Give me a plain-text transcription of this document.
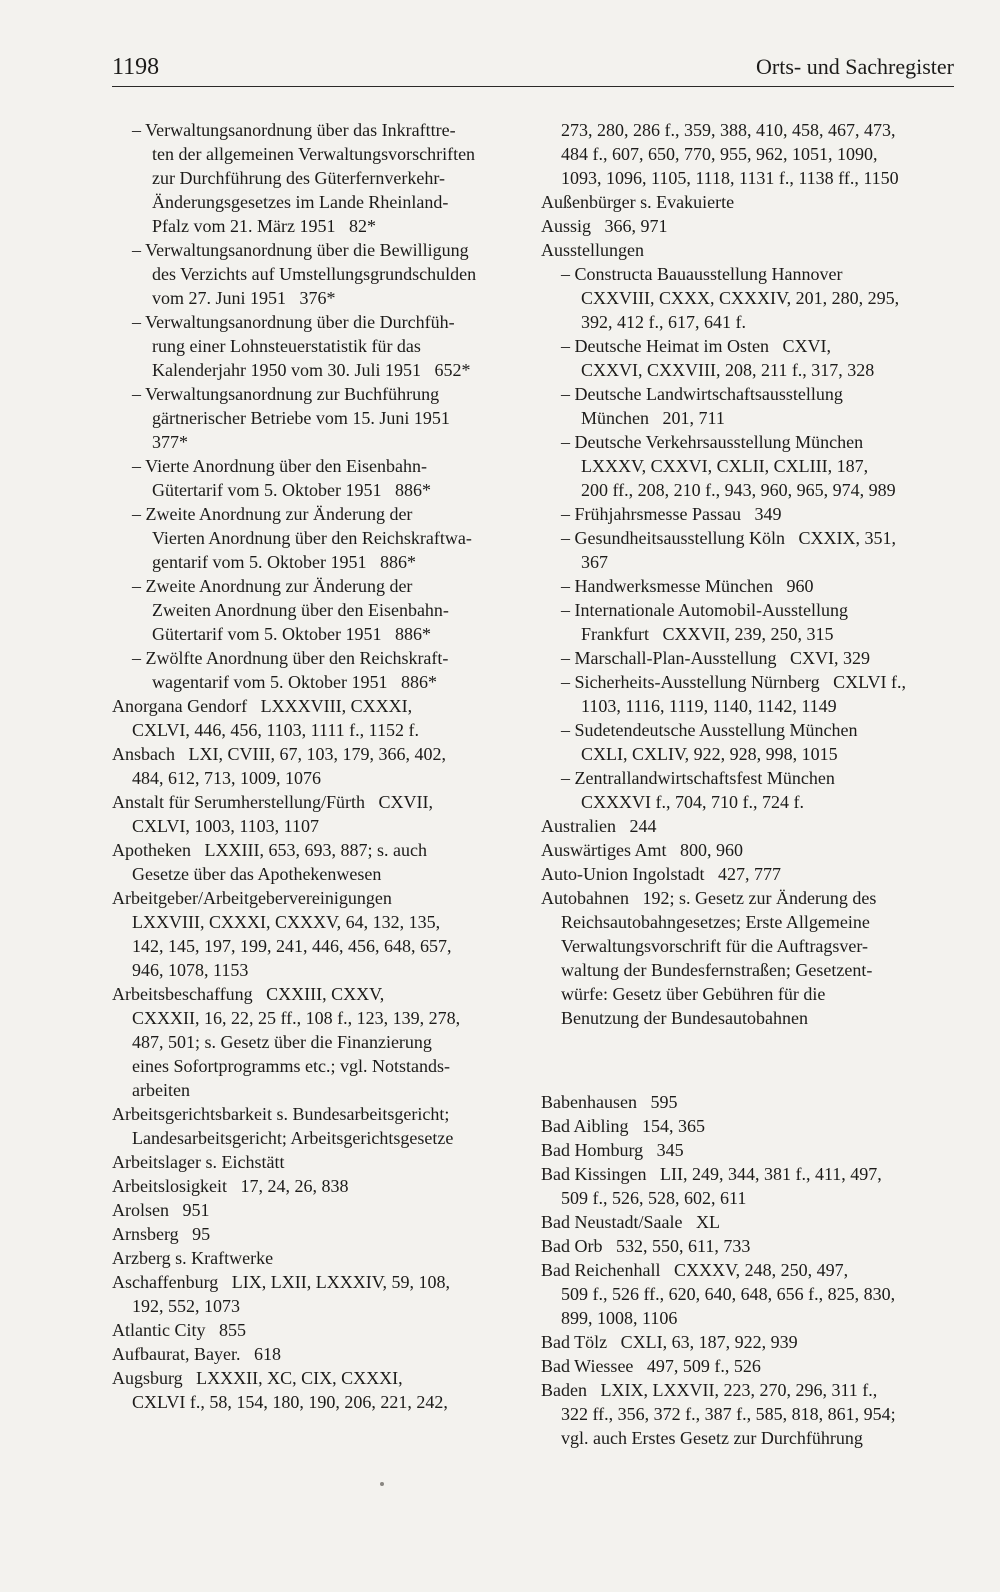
1198	Orts- und Sachregister

– Verwaltungsanordnung über das Inkrafttre-
ten der allgemeinen Verwaltungsvorschriften
zur Durchführung des Güterfernverkehr-
Änderungsgesetzes im Lande Rheinland-
Pfalz vom 21. März 1951   82*

– Verwaltungsanordnung über die Bewilligung
des Verzichts auf Umstellungsgrundschulden
vom 27. Juni 1951   376*

– Verwaltungsanordnung über die Durchfüh-
rung einer Lohnsteuerstatistik für das
Kalenderjahr 1950 vom 30. Juli 1951   652*

– Verwaltungsanordnung zur Buchführung
gärtnerischer Betriebe vom 15. Juni 1951
377*

– Vierte Anordnung über den Eisenbahn-
Gütertarif vom 5. Oktober 1951   886*

– Zweite Anordnung zur Änderung der
Vierten Anordnung über den Reichskraftwa-
gentarif vom 5. Oktober 1951   886*

– Zweite Anordnung zur Änderung der
Zweiten Anordnung über den Eisenbahn-
Gütertarif vom 5. Oktober 1951   886*

– Zwölfte Anordnung über den Reichskraft-
wagentarif vom 5. Oktober 1951   886*

Anorgana Gendorf   LXXXVIII, CXXXI,
CXLVI, 446, 456, 1103, 1111 f., 1152 f.

Ansbach   LXI, CVIII, 67, 103, 179, 366, 402,
484, 612, 713, 1009, 1076

Anstalt für Serumherstellung/Fürth   CXVII,
CXLVI, 1003, 1103, 1107

Apotheken   LXXIII, 653, 693, 887; s. auch
Gesetze über das Apothekenwesen

Arbeitgeber/Arbeitgebervereinigungen
LXXVIII, CXXXI, CXXXV, 64, 132, 135,
142, 145, 197, 199, 241, 446, 456, 648, 657,
946, 1078, 1153

Arbeitsbeschaffung   CXXIII, CXXV,
CXXXII, 16, 22, 25 ff., 108 f., 123, 139, 278,
487, 501; s. Gesetz über die Finanzierung
eines Sofortprogramms etc.; vgl. Notstands-
arbeiten

Arbeitsgerichtsbarkeit s. Bundesarbeitsgericht;
Landesarbeitsgericht; Arbeitsgerichtsgesetze

Arbeitslager s. Eichstätt

Arbeitslosigkeit   17, 24, 26, 838

Arolsen   951

Arnsberg   95

Arzberg s. Kraftwerke

Aschaffenburg   LIX, LXII, LXXXIV, 59, 108,
192, 552, 1073

Atlantic City   855

Aufbaurat, Bayer.   618

Augsburg   LXXXII, XC, CIX, CXXXI,
CXLVI f., 58, 154, 180, 190, 206, 221, 242,

273, 280, 286 f., 359, 388, 410, 458, 467, 473,
484 f., 607, 650, 770, 955, 962, 1051, 1090,
1093, 1096, 1105, 1118, 1131 f., 1138 ff., 1150

Außenbürger s. Evakuierte

Aussig   366, 971

Ausstellungen

– Constructa Bauausstellung Hannover
CXXVIII, CXXX, CXXXIV, 201, 280, 295,
392, 412 f., 617, 641 f.

– Deutsche Heimat im Osten   CXVI,
CXXVI, CXXVIII, 208, 211 f., 317, 328

– Deutsche Landwirtschaftsausstellung
München   201, 711

– Deutsche Verkehrsausstellung München
LXXXV, CXXVI, CXLII, CXLIII, 187,
200 ff., 208, 210 f., 943, 960, 965, 974, 989

– Frühjahrsmesse Passau   349

– Gesundheitsausstellung Köln   CXXIX, 351,
367

– Handwerksmesse München   960

– Internationale Automobil-Ausstellung
Frankfurt   CXXVII, 239, 250, 315

– Marschall-Plan-Ausstellung   CXVI, 329

– Sicherheits-Ausstellung Nürnberg   CXLVI f.,
1103, 1116, 1119, 1140, 1142, 1149

– Sudetendeutsche Ausstellung München
CXLI, CXLIV, 922, 928, 998, 1015

– Zentrallandwirtschaftsfest München
CXXXVI f., 704, 710 f., 724 f.

Australien   244

Auswärtiges Amt   800, 960

Auto-Union Ingolstadt   427, 777

Autobahnen   192; s. Gesetz zur Änderung des
Reichsautobahngesetzes; Erste Allgemeine
Verwaltungsvorschrift für die Auftragsver-
waltung der Bundesfernstraßen; Gesetzent-
würfe: Gesetz über Gebühren für die
Benutzung der Bundesautobahnen

Babenhausen   595

Bad Aibling   154, 365

Bad Homburg   345

Bad Kissingen   LII, 249, 344, 381 f., 411, 497,
509 f., 526, 528, 602, 611

Bad Neustadt/Saale   XL

Bad Orb   532, 550, 611, 733

Bad Reichenhall   CXXXV, 248, 250, 497,
509 f., 526 ff., 620, 640, 648, 656 f., 825, 830,
899, 1008, 1106

Bad Tölz   CXLI, 63, 187, 922, 939

Bad Wiessee   497, 509 f., 526

Baden   LXIX, LXXVII, 223, 270, 296, 311 f.,
322 ff., 356, 372 f., 387 f., 585, 818, 861, 954;
vgl. auch Erstes Gesetz zur Durchführung
